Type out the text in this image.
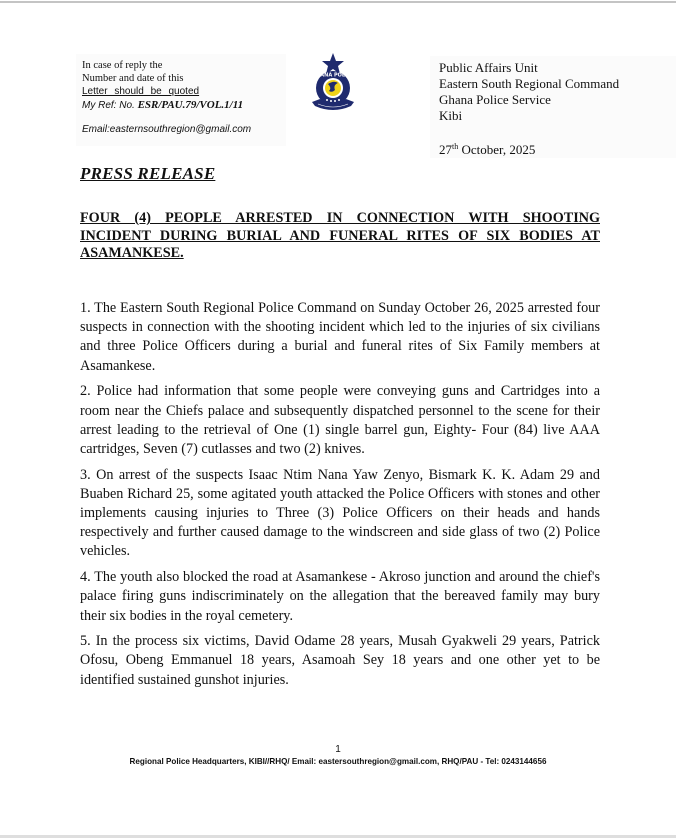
In case of reply the
Number and date of this
Letter should be quoted
My Ref: No. ESR/PAU.79/VOL.1/11
Email:easternsouthregion@gmail.com
GHANA POLICE
Public Affairs Unit
Eastern South Regional Command
Ghana Police Service
Kibi
27th October, 2025
PRESS RELEASE
FOUR (4) PEOPLE ARRESTED IN CONNECTION WITH SHOOTING INCIDENT DURING BURIAL AND FUNERAL RITES OF SIX BODIES AT ASAMANKESE.

1. The Eastern South Regional Police Command on Sunday October 26, 2025 arrested four suspects in connection with the shooting incident which led to the injuries of six civilians and three Police Officers during a burial and funeral rites of Six Family members at Asamankese.

2. Police had information that some people were conveying guns and Cartridges into a room near the Chiefs palace and subsequently dispatched personnel to the scene for their arrest leading to the retrieval of One (1) single barrel gun, Eighty- Four (84) live AAA cartridges, Seven (7) cutlasses and two (2) knives.

3. On arrest of the suspects Isaac Ntim Nana Yaw Zenyo, Bismark K. K. Adam 29 and Buaben Richard 25, some agitated youth attacked the Police Officers with stones and other implements causing injuries to Three (3) Police Officers on their heads and hands respectively and further caused damage to the windscreen and side glass of two (2) Police vehicles.

4. The youth also blocked the road at Asamankese - Akroso junction and around the chief's palace firing guns indiscriminately on the allegation that the bereaved family may bury their six bodies in the royal cemetery.

5. In the process six victims, David Odame 28 years, Musah Gyakweli 29 years, Patrick Ofosu, Obeng Emmanuel 18 years, Asamoah Sey 18 years and one other yet to be identified sustained gunshot injuries.

1
Regional Police Headquarters, KIBI//RHQ/ Email: eastersouthregion@gmail.com, RHQ/PAU - Tel: 0243144656
